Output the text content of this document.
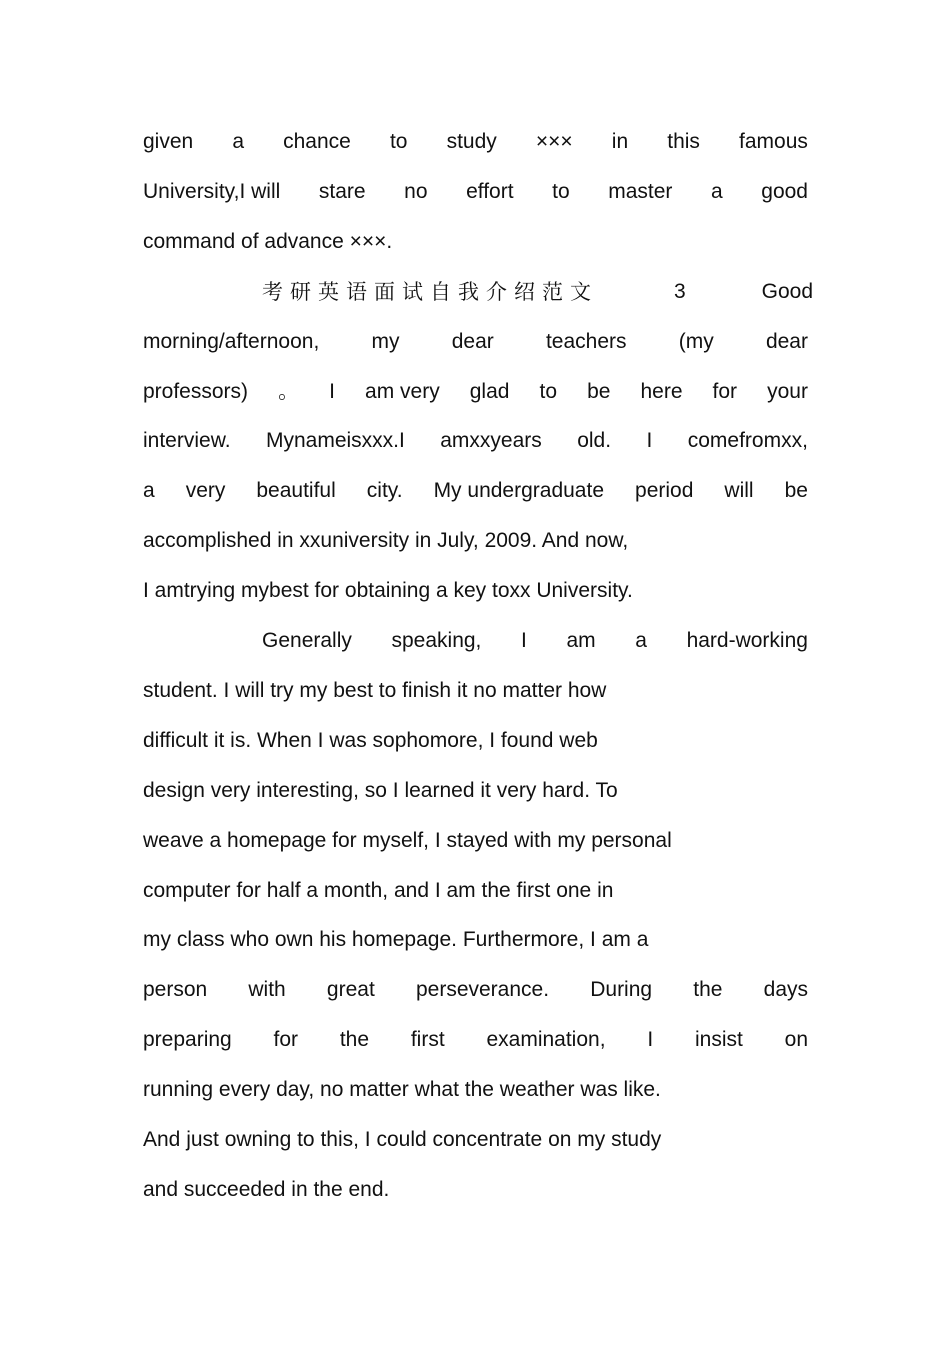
given a chance to study ××× in this famous
University,I will stare no effort to master a good
command of advance ×××.
考研英语面试自我介绍范文	3	Good
morning/afternoon, my dear teachers (my dear
professors) 。 I am very glad to be here for your
interview. Mynameisxxx.I amxxyears old. I comefromxx,
a very beautiful city. My undergraduate period will be
accomplished in xxuniversity in July, 2009. And now,
I amtrying mybest for obtaining a key toxx University.
Generally speaking, I am a hard-working
student. I will try my best to finish it no matter how
difficult it is. When I was sophomore, I found web
design very interesting, so I learned it very hard. To
weave a homepage for myself, I stayed with my personal
computer for half a month, and I am the first one in
my class who own his homepage. Furthermore, I am a
person with great perseverance. During the days
preparing for the first examination, I insist on
running every day, no matter what the weather was like.
And just owning to this, I could concentrate on my study
and succeeded in the end.
